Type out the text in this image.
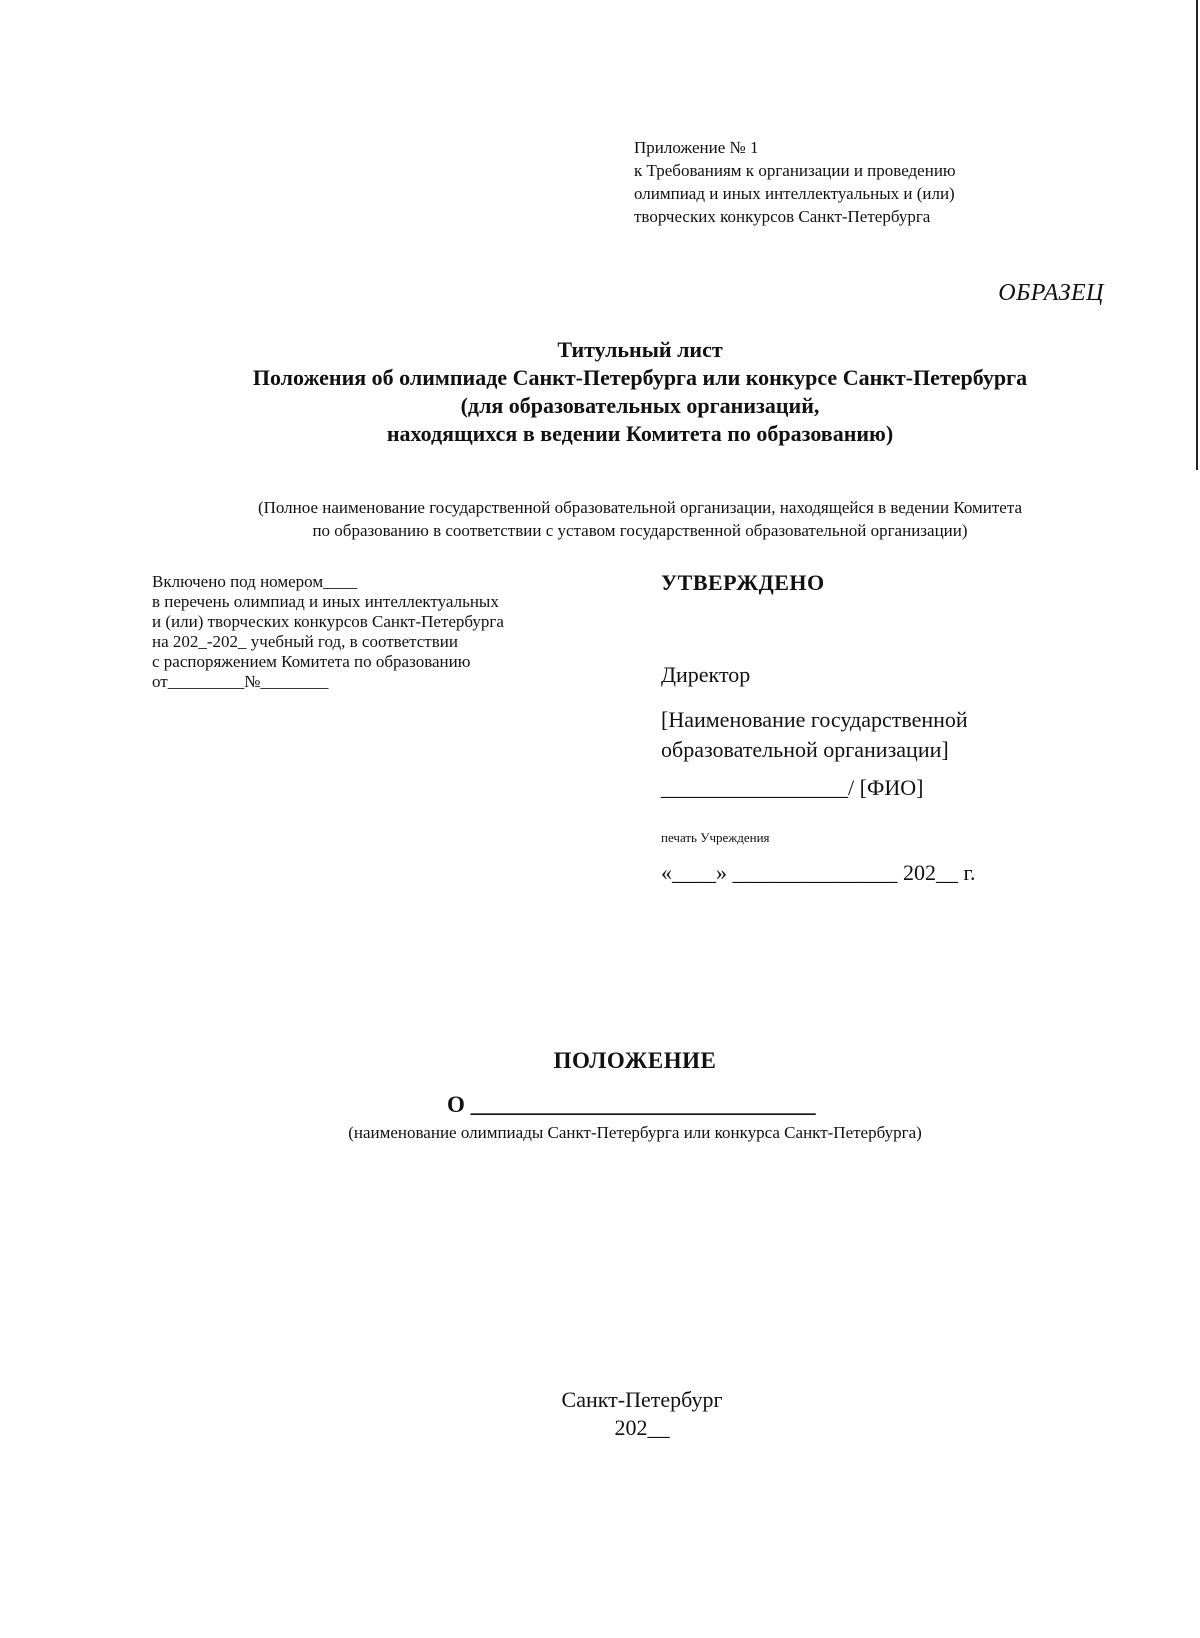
Приложение № 1
к Требованиям к организации и проведению
олимпиад и иных интеллектуальных и (или)
творческих конкурсов Санкт-Петербурга
ОБРАЗЕЦ
Титульный лист
Положения об олимпиаде Санкт-Петербурга или конкурсе Санкт-Петербурга
(для образовательных организаций,
находящихся в ведении Комитета по образованию)
(Полное наименование государственной образовательной организации, находящейся в ведении Комитета
по образованию в соответствии с уставом государственной образовательной организации)
Включено под номером____
в перечень олимпиад и иных интеллектуальных
и (или) творческих конкурсов Санкт-Петербурга
на 202_-202_ учебный год, в соответствии
с распоряжением Комитета по образованию
от_________№________
УТВЕРЖДЕНО
Директор
[Наименование государственной
образовательной организации]
_________________/ [ФИО]
печать Учреждения
«____» _______________ 202__ г.
ПОЛОЖЕНИЕ
О ______________________________
(наименование олимпиады Санкт-Петербурга или конкурса Санкт-Петербурга)
Санкт-Петербург
202__
